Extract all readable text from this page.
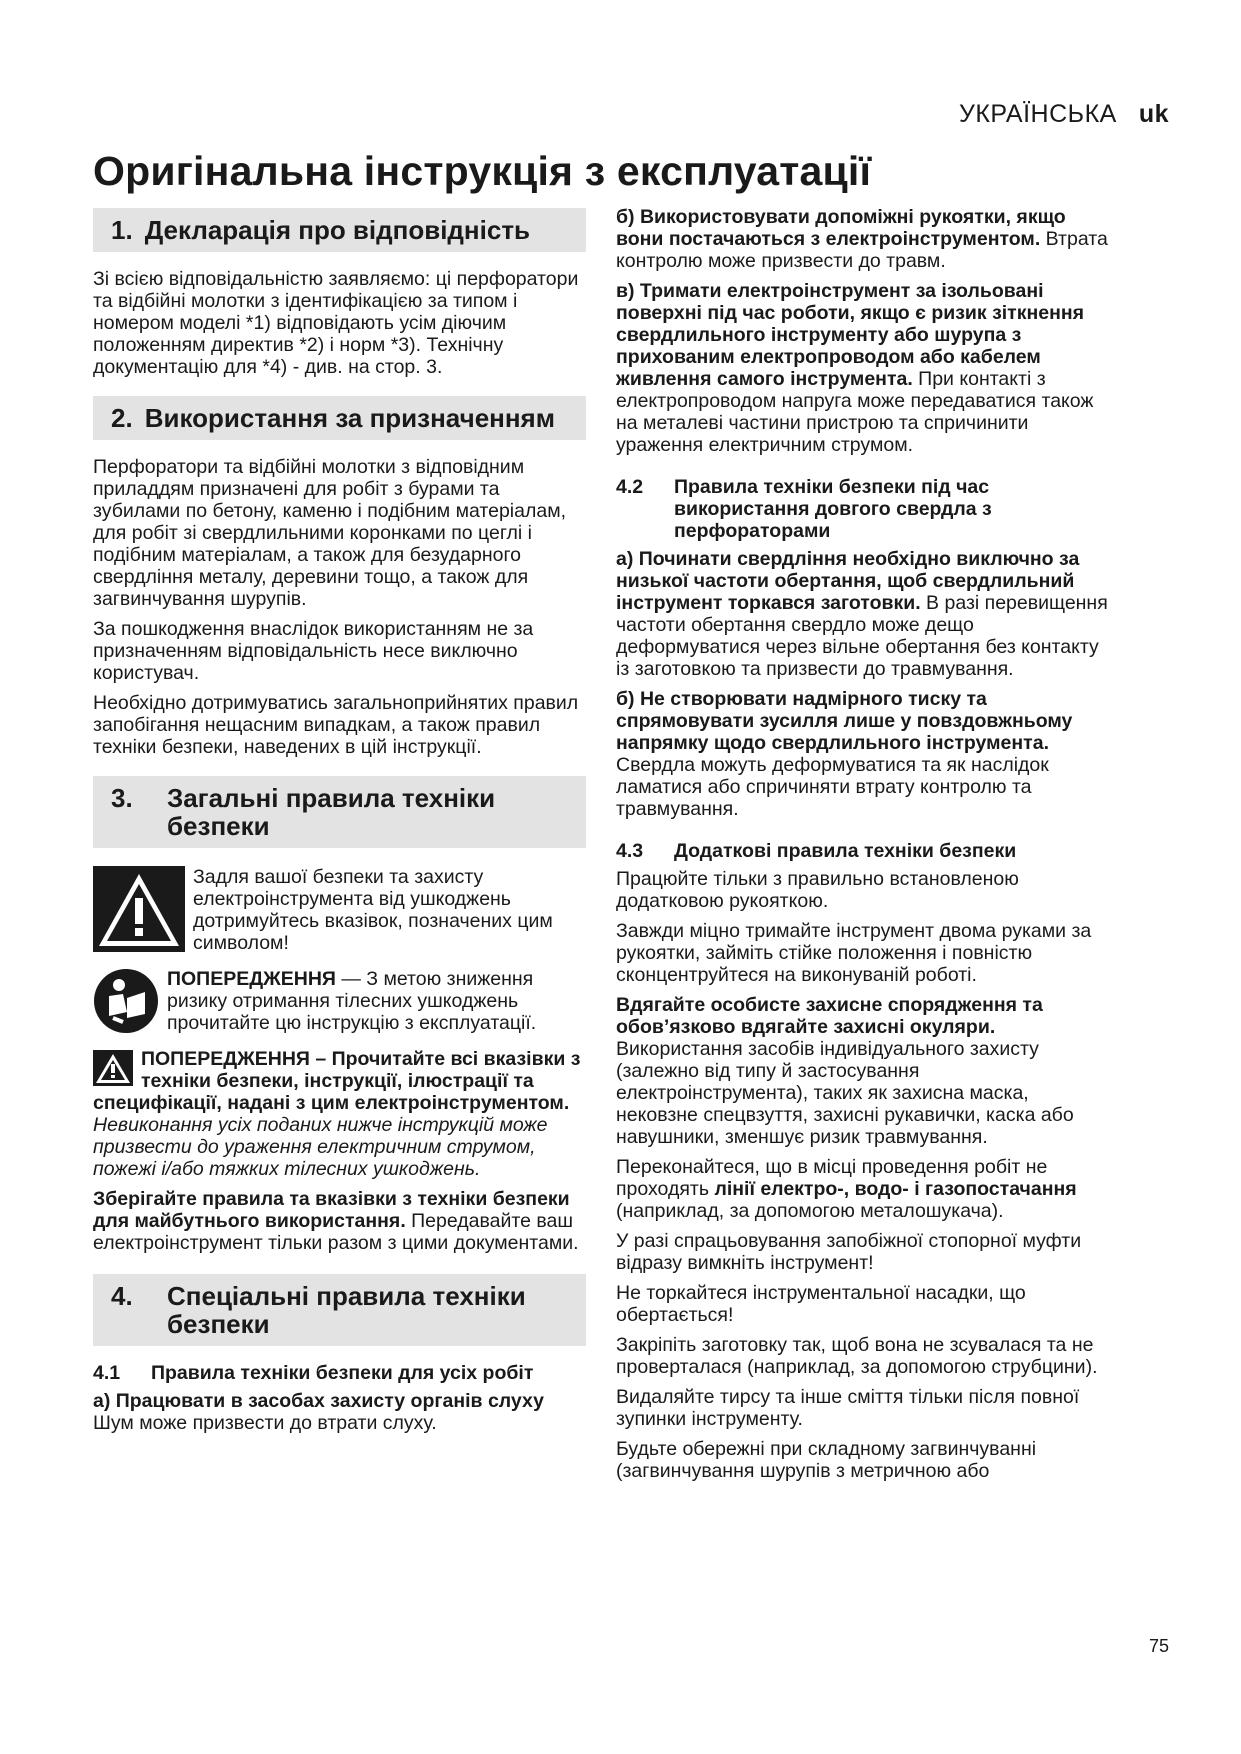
УКРАЇНСЬКА uk
Оригінальна інструкція з експлуатації
1. Декларація про відповідність

Зі всією відповідальністю заявляємо: ці перфоратори та відбійні молотки з ідентифікацією за типом і номером моделі *1) відповідають усім діючим положенням директив *2) і норм *3). Технічну документацію для *4) - див. на стор. 3.

2. Використання за призначенням

Перфоратори та відбійні молотки з відповідним приладдям призначені для робіт з бурами та зубилами по бетону, каменю і подібним матеріалам, для робіт зі свердлильними коронками по цеглі і подібним матеріалам, а також для безударного свердління металу, деревини тощо, а також для загвинчування шурупів.

За пошкодження внаслідок використанням не за призначенням відповідальність несе виключно користувач.

Необхідно дотримуватись загальноприйнятих правил запобігання нещасним випадкам, а також правил техніки безпеки, наведених в цій інструкції.

3.	Загальні правила техніки безпеки

Задля вашої безпеки та захисту електроінструмента від ушкоджень дотримуйтесь вказівок, позначених цим символом!

ПОПЕРЕДЖЕННЯ — З метою зниження ризику отримання тілесних ушкоджень прочитайте цю інструкцію з експлуатації.

ПОПЕРЕДЖЕННЯ – Прочитайте всі вказівки з техніки безпеки, інструкції, ілюстрації та специфікації, надані з цим електроінструментом. Невиконання усіх поданих нижче інструкцій може призвести до ураження електричним струмом, пожежі і/або тяжких тілесних ушкоджень.

Зберігайте правила та вказівки з техніки безпеки для майбутнього використання. Передавайте ваш електроінструмент тільки разом з цими документами.

4.	Спеціальні правила техніки безпеки
4.1	Правила техніки безпеки для усіх робіт

а) Працювати в засобах захисту органів слуху Шум може призвести до втрати слуху.

б) Використовувати допоміжні рукоятки, якщо вони постачаються з електроінструментом. Втрата контролю може призвести до травм.

в) Тримати електроінструмент за ізольовані поверхні під час роботи, якщо є ризик зіткнення свердлильного інструменту або шурупа з прихованим електропроводом або кабелем живлення самого інструмента. При контакті з електропроводом напруга може передаватися також на металеві частини пристрою та спричинити ураження електричним струмом.

4.2	Правила техніки безпеки під час використання довгого свердла з перфораторами

а) Починати свердління необхідно виключно за низької частоти обертання, щоб свердлильний інструмент торкався заготовки. В разі перевищення частоти обертання свердло може дещо деформуватися через вільне обертання без контакту із заготовкою та призвести до травмування.

б) Не створювати надмірного тиску та спрямовувати зусилля лише у повздовжньому напрямку щодо свердлильного інструмента. Свердла можуть деформуватися та як наслідок ламатися або спричиняти втрату контролю та травмування.

4.3	Додаткові правила техніки безпеки

Працюйте тільки з правильно встановленою додатковою рукояткою.

Завжди міцно тримайте інструмент двома руками за рукоятки, займіть стійке положення і повністю сконцентруйтеся на виконуваній роботі.

Вдягайте особисте захисне спорядження та обов’язково вдягайте захисні окуляри. Використання засобів індивідуального захисту (залежно від типу й застосування електроінструмента), таких як захисна маска, нековзне спецвзуття, захисні рукавички, каска або навушники, зменшує ризик травмування.

Переконайтеся, що в місці проведення робіт не проходять лінії електро-, водо- і газопостачання (наприклад, за допомогою металошукача).

У разі спрацьовування запобіжної стопорної муфти відразу вимкніть інструмент!

Не торкайтеся інструментальної насадки, що обертається!

Закріпіть заготовку так, щоб вона не зсувалася та не проверталася (наприклад, за допомогою струбцини).

Видаляйте тирсу та інше сміття тільки після повної зупинки інструменту.

Будьте обережні при складному загвинчуванні (загвинчування шурупів з метричною або

75
